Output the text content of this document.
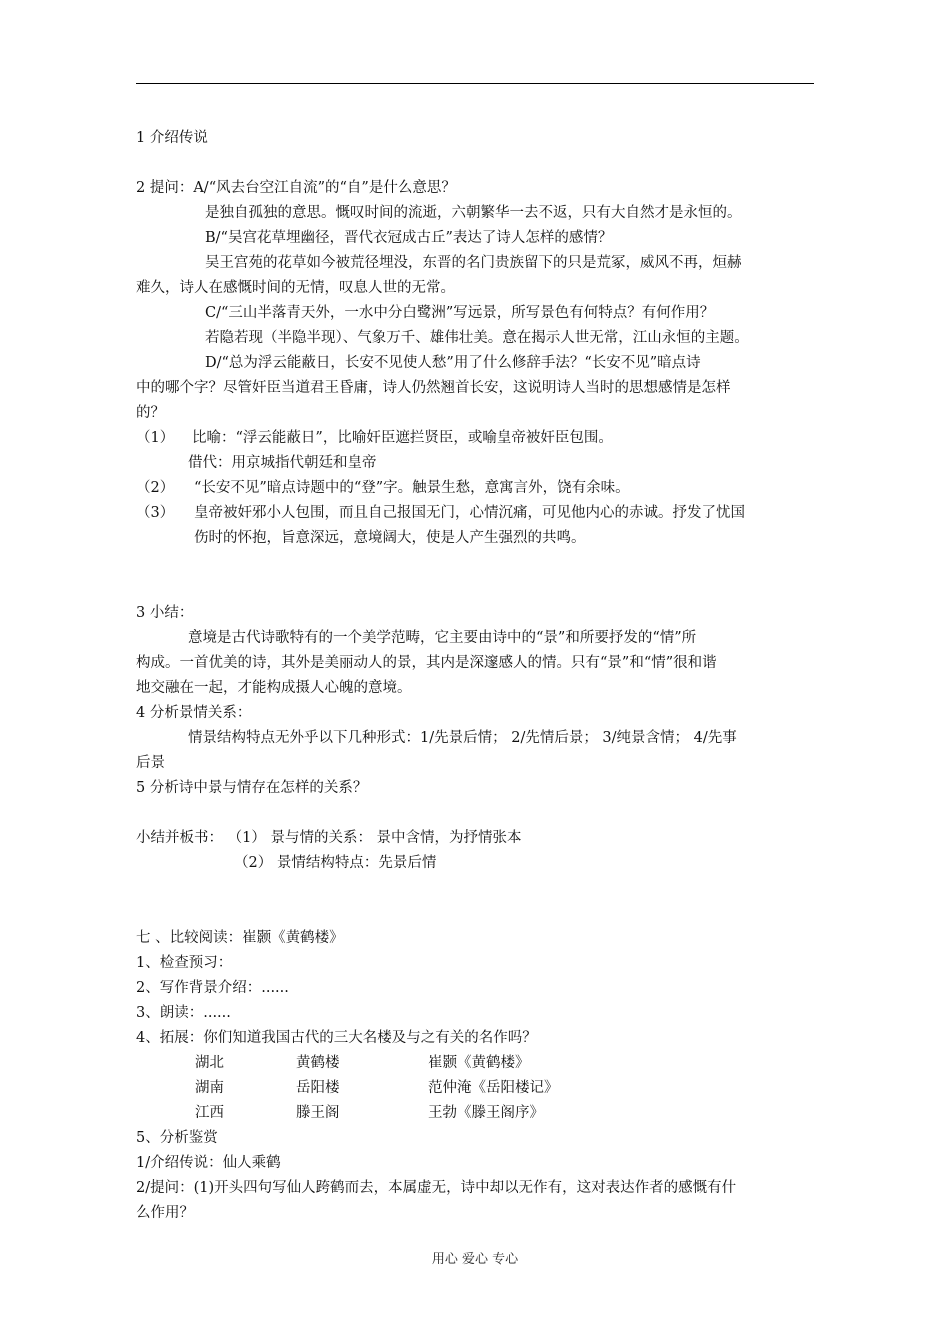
1 介绍传说
2 提问：A/“风去台空江自流”的“自”是什么意思？
是独自孤独的意思。慨叹时间的流逝，六朝繁华一去不返，只有大自然才是永恒的。
B/“吴宫花草埋幽径，晋代衣冠成古丘”表达了诗人怎样的感情？
吴王宫苑的花草如今被荒径埋没，东晋的名门贵族留下的只是荒冢，威风不再，烜赫
难久，诗人在感慨时间的无情，叹息人世的无常。
C/“三山半落青天外，一水中分白鹭洲”写远景，所写景色有何特点？有何作用？
若隐若现（半隐半现）、气象万千、雄伟壮美。意在揭示人世无常，江山永恒的主题。
D/“总为浮云能蔽日，长安不见使人愁”用了什么修辞手法？“长安不见”暗点诗
中的哪个字？尽管奸臣当道君王昏庸，诗人仍然翘首长安，这说明诗人当时的思想感情是怎样
的？
（1） 比喻：“浮云能蔽日”，比喻奸臣遮拦贤臣，或喻皇帝被奸臣包围。
借代：用京城指代朝廷和皇帝
（2） “长安不见”暗点诗题中的“登”字。触景生愁，意寓言外，饶有余味。
（3） 皇帝被奸邪小人包围，而且自己报国无门，心情沉痛，可见他内心的赤诚。抒发了忧国
伤时的怀抱，旨意深远，意境阔大，使是人产生强烈的共鸣。
3 小结：
意境是古代诗歌特有的一个美学范畴，它主要由诗中的“景”和所要抒发的“情”所
构成。一首优美的诗，其外是美丽动人的景，其内是深邃感人的情。只有“景”和“情”很和谐
地交融在一起，才能构成摄人心魄的意境。
4 分析景情关系：
情景结构特点无外乎以下几种形式：1/先景后情； 2/先情后景； 3/纯景含情； 4/先事
后景
5 分析诗中景与情存在怎样的关系？
小结并板书： （1） 景与情的关系： 景中含情，为抒情张本
（2） 景情结构特点：先景后情
七 、比较阅读：崔颢《黄鹤楼》
1、检查预习：
2、写作背景介绍：......
3、朗读：......
4、拓展：你们知道我国古代的三大名楼及与之有关的名作吗？
湖北	黄鹤楼	崔颢《黄鹤楼》
湖南	岳阳楼	范仲淹《岳阳楼记》
江西	滕王阁	王勃《滕王阁序》
5、分析鉴赏
1/介绍传说：仙人乘鹤
2/提问：(1)开头四句写仙人跨鹤而去，本属虚无，诗中却以无作有，这对表达作者的感慨有什
么作用？
用心 爱心 专心
